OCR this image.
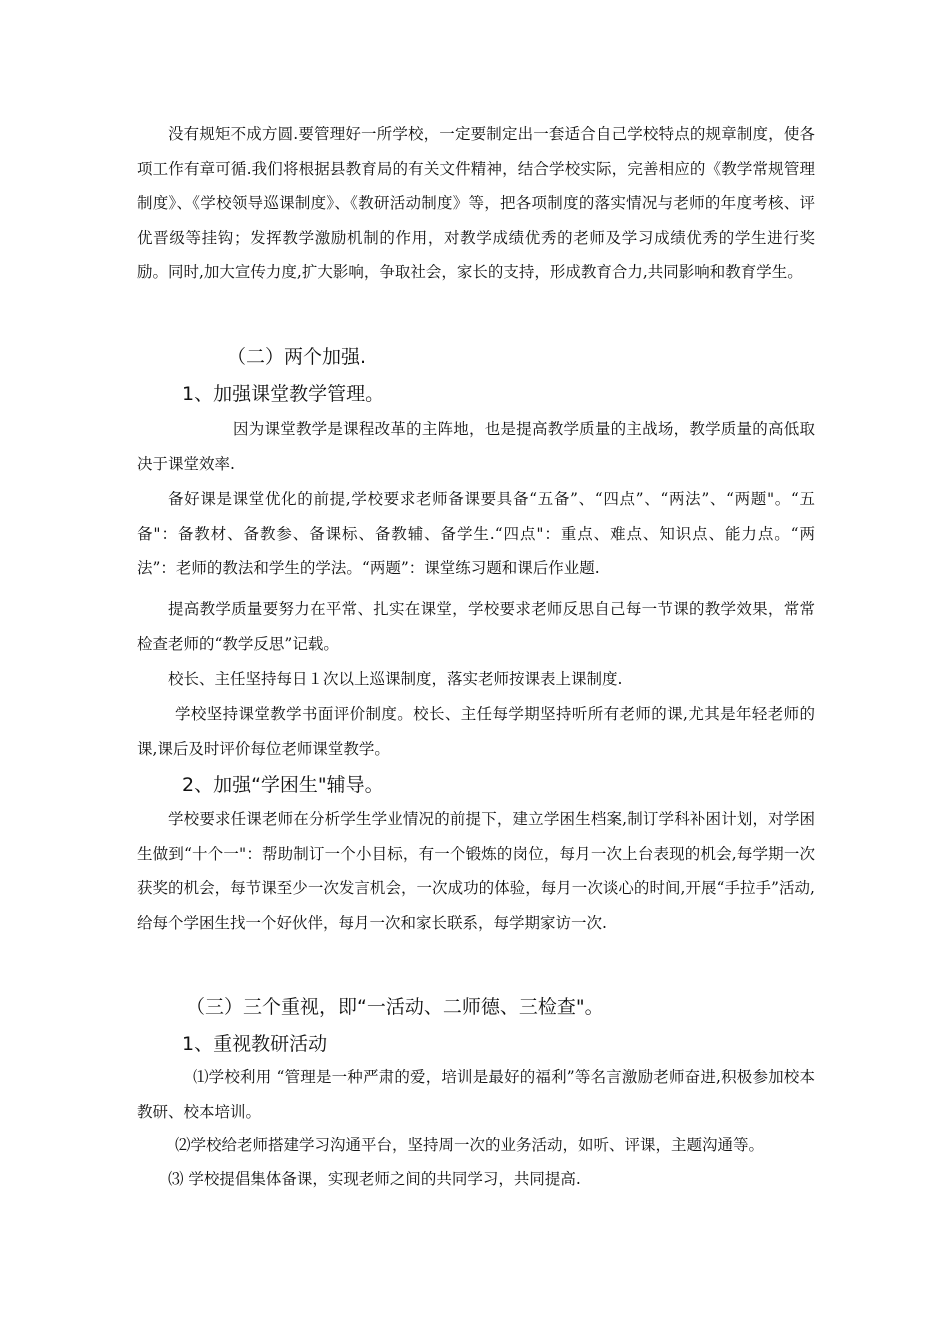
没有规矩不成方圆.要管理好一所学校，一定要制定出一套适合自己学校特点的规章制度，使各项工作有章可循.我们将根据县教育局的有关文件精神，结合学校实际，完善相应的《教学常规管理制度》、《学校领导巡课制度》、《教研活动制度》等，把各项制度的落实情况与老师的年度考核、评优晋级等挂钩；发挥教学激励机制的作用，对教学成绩优秀的老师及学习成绩优秀的学生进行奖励。同时,加大宣传力度,扩大影响，争取社会，家长的支持，形成教育合力,共同影响和教育学生。

（二）两个加强.
1、加强课堂教学管理。

因为课堂教学是课程改革的主阵地，也是提高教学质量的主战场，教学质量的高低取决于课堂效率.

备好课是课堂优化的前提,学校要求老师备课要具备“五备”、“四点”、“两法”、“两题"。“五备"：备教材、备教参、备课标、备教辅、备学生.“四点"：重点、难点、知识点、能力点。“两法”：老师的教法和学生的学法。“两题”：课堂练习题和课后作业题.

提高教学质量要努力在平常、扎实在课堂，学校要求老师反思自己每一节课的教学效果，常常检查老师的“教学反思”记载。

校长、主任坚持每日１次以上巡课制度，落实老师按课表上课制度.

学校坚持课堂教学书面评价制度。校长、主任每学期坚持听所有老师的课,尤其是年轻老师的课,课后及时评价每位老师课堂教学。

2、加强“学困生"辅导。

学校要求任课老师在分析学生学业情况的前提下，建立学困生档案,制订学科补困计划，对学困生做到“十个一"：帮助制订一个小目标，有一个锻炼的岗位，每月一次上台表现的机会,每学期一次获奖的机会，每节课至少一次发言机会，一次成功的体验，每月一次谈心的时间,开展“手拉手”活动,给每个学困生找一个好伙伴，每月一次和家长联系，每学期家访一次.

（三）三个重视，即“一活动、二师德、三检查"。
1、重视教研活动

⑴学校利用 “管理是一种严肃的爱，培训是最好的福利”等名言激励老师奋进,积极参加校本教研、校本培训。

⑵学校给老师搭建学习沟通平台，坚持周一次的业务活动，如听、评课，主题沟通等。

⑶ 学校提倡集体备课，实现老师之间的共同学习，共同提高.
